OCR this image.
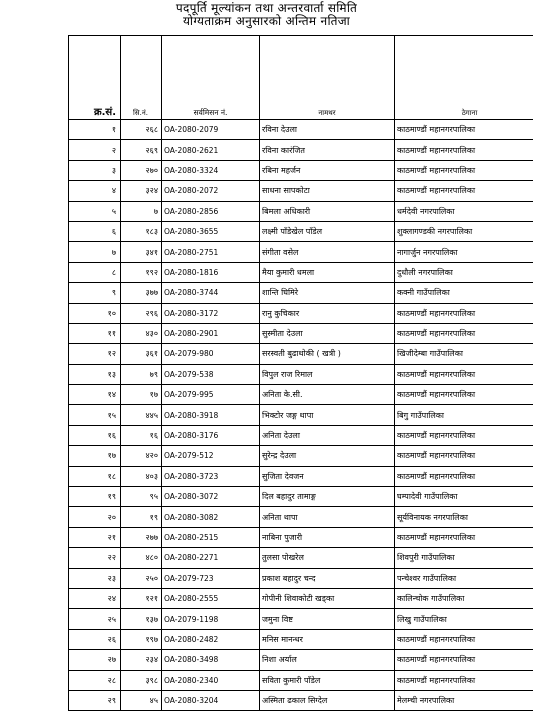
पदपूर्ति मूल्यांकन तथा अन्तरवार्ता समिति
योग्यताक्रम अनुसारको अन्तिम नतिजा
क्र.सं.	सि.नं.	सर्वमिसन नं.	नामथर	ठेगाना
१	२६८	OA-2080-2079	रविना देउला	काठमाण्डौं महानगरपालिका
२	२६९	OA-2080-2621	रविना कारंजित	काठमाण्डौं महानगरपालिका
३	२७०	OA-2080-3324	रबिना महर्जन	काठमाण्डौं महानगरपालिका
४	३२४	OA-2080-2072	साधना सापकोटा	काठमाण्डौं महानगरपालिका
५	७	OA-2080-2856	बिमला अधिकारी	धर्मदेवी नगरपालिका
६	१८३	OA-2080-3655	लक्ष्मी पाँडेखेल पाँडेल	शुक्लागण्डकी नगरपालिका
७	३४१	OA-2080-2751	संगीता वसेल	नागार्जुन नगरपालिका
८	१९२	OA-2080-1816	मैया कुमारी धमला	दुधौली नगरपालिका
९	३७७	OA-2080-3744	शान्ति घिमिरे	कक्नी गाउँपालिका
१०	२९६	OA-2080-3172	रानु कुचिकार	काठमाण्डौं महानगरपालिका
११	४३०	OA-2080-2901	सुस्मीता देउला	काठमाण्डौं महानगरपालिका
१२	३६१	OA-2079-980	सरस्वती बुढाथोकी ( खत्री )	खिजीदेम्बा गाउँपालिका
१३	७९	OA-2079-538	विपुल राज रिमाल	काठमाण्डौं महानगरपालिका
१४	१७	OA-2079-995	अनिता के.सी.	काठमाण्डौं महानगरपालिका
१५	४४५	OA-2080-3918	भिक्टोर जङ्ग थापा	बिगु गाउँपालिका
१६	१६	OA-2080-3176	अनिता देउला	काठमाण्डौं महानगरपालिका
१७	४२०	OA-2079-512	सुरेन्द्र देउला	काठमाण्डौं महानगरपालिका
१८	४०३	OA-2080-3723	सुजिता देवजन	काठमाण्डौं महानगरपालिका
१९	९५	OA-2080-3072	दिल बहादुर तामाङ्ग	घम्पादेवी गाउँपालिका
२०	१९	OA-2080-3082	अनिता थापा	सूर्यविनायक नगरपालिका
२१	२७७	OA-2080-2515	नाबिना पुजारी	काठमाण्डौं महानगरपालिका
२२	४८०	OA-2080-2271	तुलसा पोखरेल	शिवपुरी गाउँपालिका
२३	२५०	OA-2079-723	प्रकाश बहादुर चन्द	पन्चेश्वर गाउँपालिका
२४	१२१	OA-2080-2555	गोपीनी शिवाकोटी खड्का	कालिन्चोक गाउँपालिका
२५	१३७	OA-2079-1198	जमुना विष्ट	लिखु गाउँपालिका
२६	१९७	OA-2080-2482	मनिस मानन्धर	काठमाण्डौं महानगरपालिका
२७	२३४	OA-2080-3498	निशा अर्याल	काठमाण्डौं महानगरपालिका
२८	३९८	OA-2080-2340	सविता कुमारी पाँडेल	काठमाण्डौं महानगरपालिका
२९	४५	OA-2080-3204	अस्मिता ढकाल सिग्देल	मेलम्ची नगरपालिका
